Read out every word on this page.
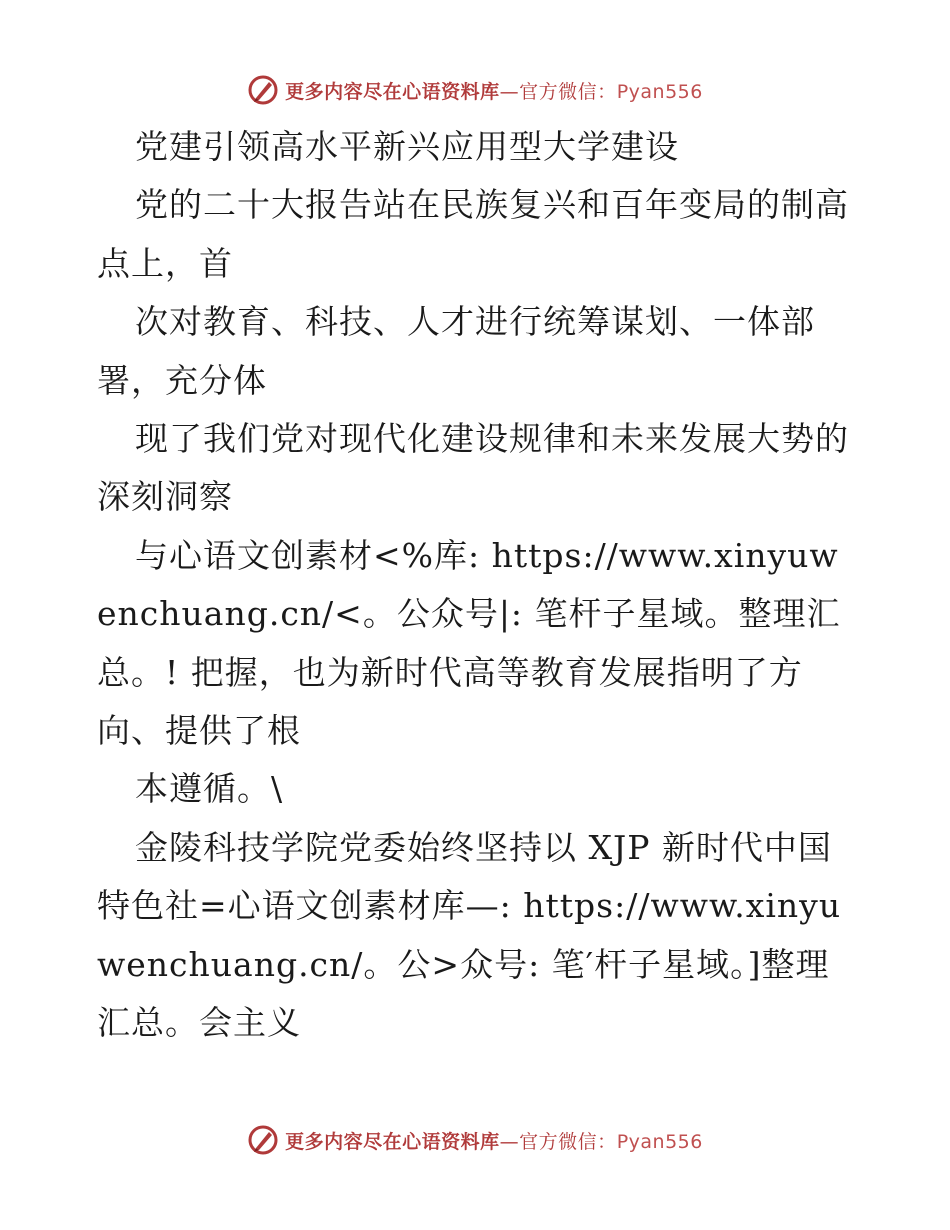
更多内容尽在心语资料库—官方微信：Pyan556

党建引领高水平新兴应用型大学建设

党的二十大报告站在民族复兴和百年变局的制高点上，首

次对教育、科技、人才进行统筹谋划、一体部署，充分体

现了我们党对现代化建设规律和未来发展大势的深刻洞察

与心语文创素材<%库: https://www.xinyuwenchuang.cn/<。公众号|: 笔杆子星域。整理汇总。! 把握，也为新时代高等教育发展指明了方向、提供了根

本遵循。\

金陵科技学院党委始终坚持以 XJP 新时代中国特色社=心语文创素材库—: https://www.xinyuwenchuang.cn/。公>众号: 笔′杆子星域。]整理汇总。会主义

更多内容尽在心语资料库—官方微信：Pyan556
